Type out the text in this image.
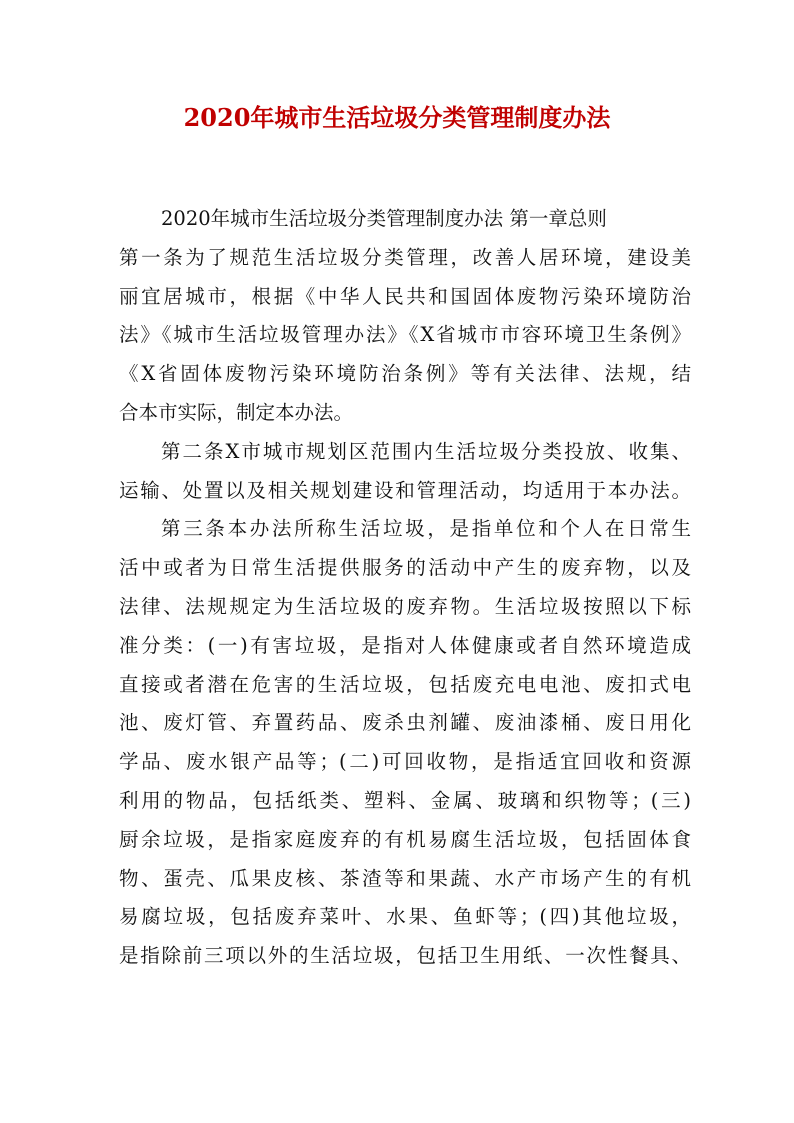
2020年城市生活垃圾分类管理制度办法
2020年城市生活垃圾分类管理制度办法 第一章总则
第一条为了规范生活垃圾分类管理，改善人居环境，建设美
丽宜居城市，根据《中华人民共和国固体废物污染环境防治
法》《城市生活垃圾管理办法》《X省城市市容环境卫生条例》
《X省固体废物污染环境防治条例》等有关法律、法规，结
合本市实际，制定本办法。
第二条X市城市规划区范围内生活垃圾分类投放、收集、
运输、处置以及相关规划建设和管理活动，均适用于本办法。
第三条本办法所称生活垃圾，是指单位和个人在日常生
活中或者为日常生活提供服务的活动中产生的废弃物，以及
法律、法规规定为生活垃圾的废弃物。生活垃圾按照以下标
准分类：(一)有害垃圾，是指对人体健康或者自然环境造成
直接或者潜在危害的生活垃圾，包括废充电电池、废扣式电
池、废灯管、弃置药品、废杀虫剂罐、废油漆桶、废日用化
学品、废水银产品等；(二)可回收物，是指适宜回收和资源
利用的物品，包括纸类、塑料、金属、玻璃和织物等；(三)
厨余垃圾，是指家庭废弃的有机易腐生活垃圾，包括固体食
物、蛋壳、瓜果皮核、茶渣等和果蔬、水产市场产生的有机
易腐垃圾，包括废弃菜叶、水果、鱼虾等；(四)其他垃圾，
是指除前三项以外的生活垃圾，包括卫生用纸、一次性餐具、
